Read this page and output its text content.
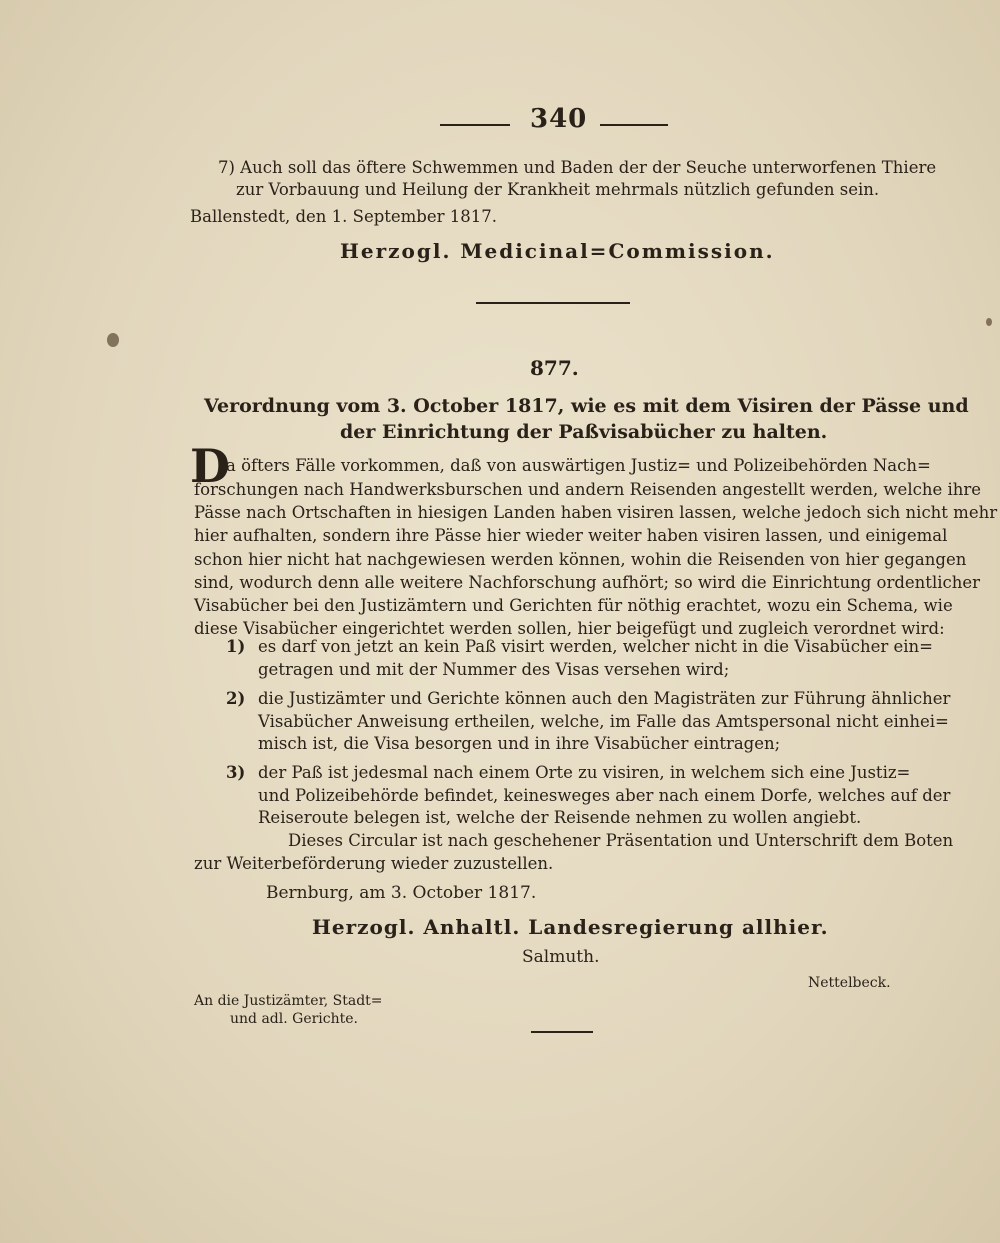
340
7) Auch soll das öftere Schwemmen und Baden der der Seuche unterworfenen Thiere
zur Vorbauung und Heilung der Krankheit mehrmals nützlich gefunden sein.
Ballenstedt, den 1. September 1817.
Herzogl. Medicinal=Commission.
877.
Verordnung vom 3. October 1817, wie es mit dem Visiren der Pässe und
der Einrichtung der Paßvisabücher zu halten.
D
a öfters Fälle vorkommen, daß von auswärtigen Justiz= und Polizeibehörden Nach=
forschungen nach Handwerksburschen und andern Reisenden angestellt werden, welche ihre
Pässe nach Ortschaften in hiesigen Landen haben visiren lassen, welche jedoch sich nicht mehr
hier aufhalten, sondern ihre Pässe hier wieder weiter haben visiren lassen, und einigemal
schon hier nicht hat nachgewiesen werden können, wohin die Reisenden von hier gegangen
sind, wodurch denn alle weitere Nachforschung aufhört; so wird die Einrichtung ordentlicher
Visabücher bei den Justizämtern und Gerichten für nöthig erachtet, wozu ein Schema, wie
diese Visabücher eingerichtet werden sollen, hier beigefügt und zugleich verordnet wird:
1) es darf von jetzt an kein Paß visirt werden, welcher nicht in die Visabücher ein=
getragen und mit der Nummer des Visas versehen wird;
2) die Justizämter und Gerichte können auch den Magisträten zur Führung ähnlicher
Visabücher Anweisung ertheilen, welche, im Falle das Amtspersonal nicht einhei=
misch ist, die Visa besorgen und in ihre Visabücher eintragen;
3) der Paß ist jedesmal nach einem Orte zu visiren, in welchem sich eine Justiz=
und Polizeibehörde befindet, keinesweges aber nach einem Dorfe, welches auf der
Reiseroute belegen ist, welche der Reisende nehmen zu wollen angiebt.
Dieses Circular ist nach geschehener Präsentation und Unterschrift dem Boten
zur Weiterbeförderung wieder zuzustellen.
Bernburg, am 3. October 1817.
Herzogl. Anhaltl. Landesregierung allhier.
Salmuth.
Nettelbeck.
An die Justizämter, Stadt=
und adl. Gerichte.
